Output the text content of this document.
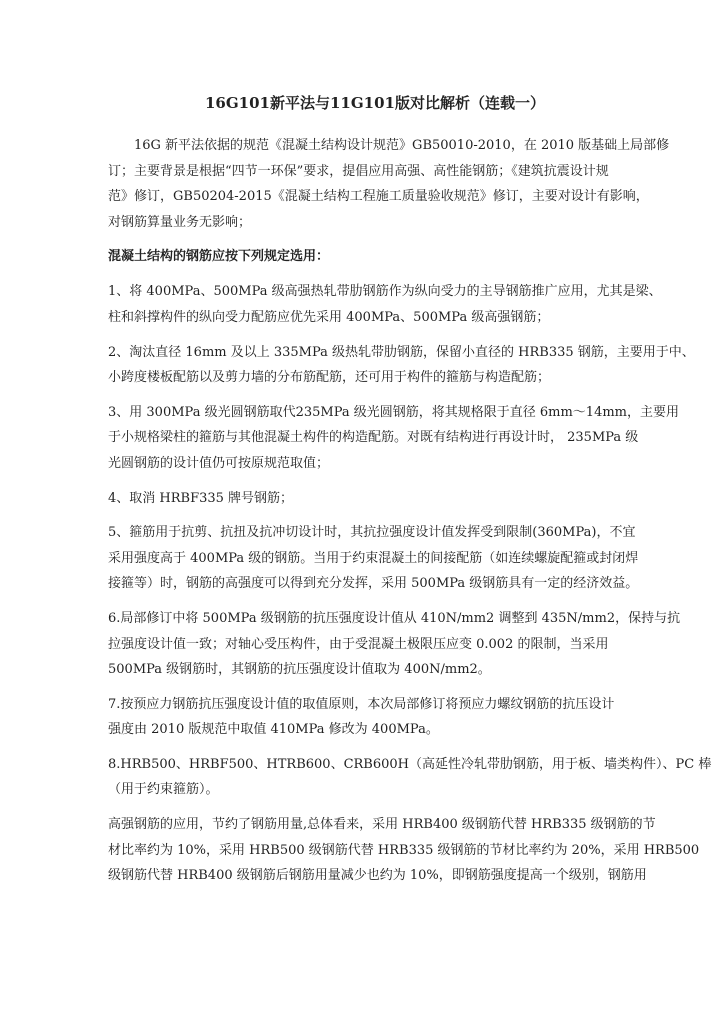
16G101新平法与11G101版对比解析（连载一）
16G 新平法依据的规范《混凝土结构设计规范》GB50010-2010，在 2010 版基础上局部修
订；主要背景是根据“四节一环保”要求，提倡应用高强、高性能钢筋；《建筑抗震设计规
范》修订，GB50204-2015《混凝土结构工程施工质量验收规范》修订，主要对设计有影响，
对钢筋算量业务无影响；
混凝土结构的钢筋应按下列规定选用：
1、将 400MPa、500MPa 级高强热轧带肋钢筋作为纵向受力的主导钢筋推广应用，尤其是梁、
柱和斜撑构件的纵向受力配筋应优先采用 400MPa、500MPa 级高强钢筋；
2、淘汰直径 16mm 及以上 335MPa 级热轧带肋钢筋，保留小直径的 HRB335 钢筋，主要用于中、
小跨度楼板配筋以及剪力墙的分布筋配筋，还可用于构件的箍筋与构造配筋；
3、用 300MPa 级光圆钢筋取代235MPa 级光圆钢筋，将其规格限于直径 6mm～14mm，主要用
于小规格梁柱的箍筋与其他混凝土构件的构造配筋。对既有结构进行再设计时， 235MPa 级
光圆钢筋的设计值仍可按原规范取值；
4、取消 HRBF335 牌号钢筋；
5、箍筋用于抗剪、抗扭及抗冲切设计时，其抗拉强度设计值发挥受到限制(360MPa)，不宜
采用强度高于 400MPa 级的钢筋。当用于约束混凝土的间接配筋（如连续螺旋配箍或封闭焊
接箍等）时，钢筋的高强度可以得到充分发挥，采用 500MPa 级钢筋具有一定的经济效益。
6.局部修订中将 500MPa 级钢筋的抗压强度设计值从 410N/mm2 调整到 435N/mm2，保持与抗
拉强度设计值一致；对轴心受压构件，由于受混凝土极限压应变 0.002 的限制，当采用
500MPa 级钢筋时，其钢筋的抗压强度设计值取为 400N/mm2。
7.按预应力钢筋抗压强度设计值的取值原则，本次局部修订将预应力螺纹钢筋的抗压设计
强度由 2010 版规范中取值 410MPa 修改为 400MPa。
8.HRB500、HRBF500、HTRB600、CRB600H（高延性冷轧带肋钢筋，用于板、墙类构件）、PC 棒
（用于约束箍筋）。
高强钢筋的应用，节约了钢筋用量,总体看来，采用 HRB400 级钢筋代替 HRB335 级钢筋的节
材比率约为 10%，采用 HRB500 级钢筋代替 HRB335 级钢筋的节材比率约为 20%，采用 HRB500
级钢筋代替 HRB400 级钢筋后钢筋用量减少也约为 10%，即钢筋强度提高一个级别，钢筋用
